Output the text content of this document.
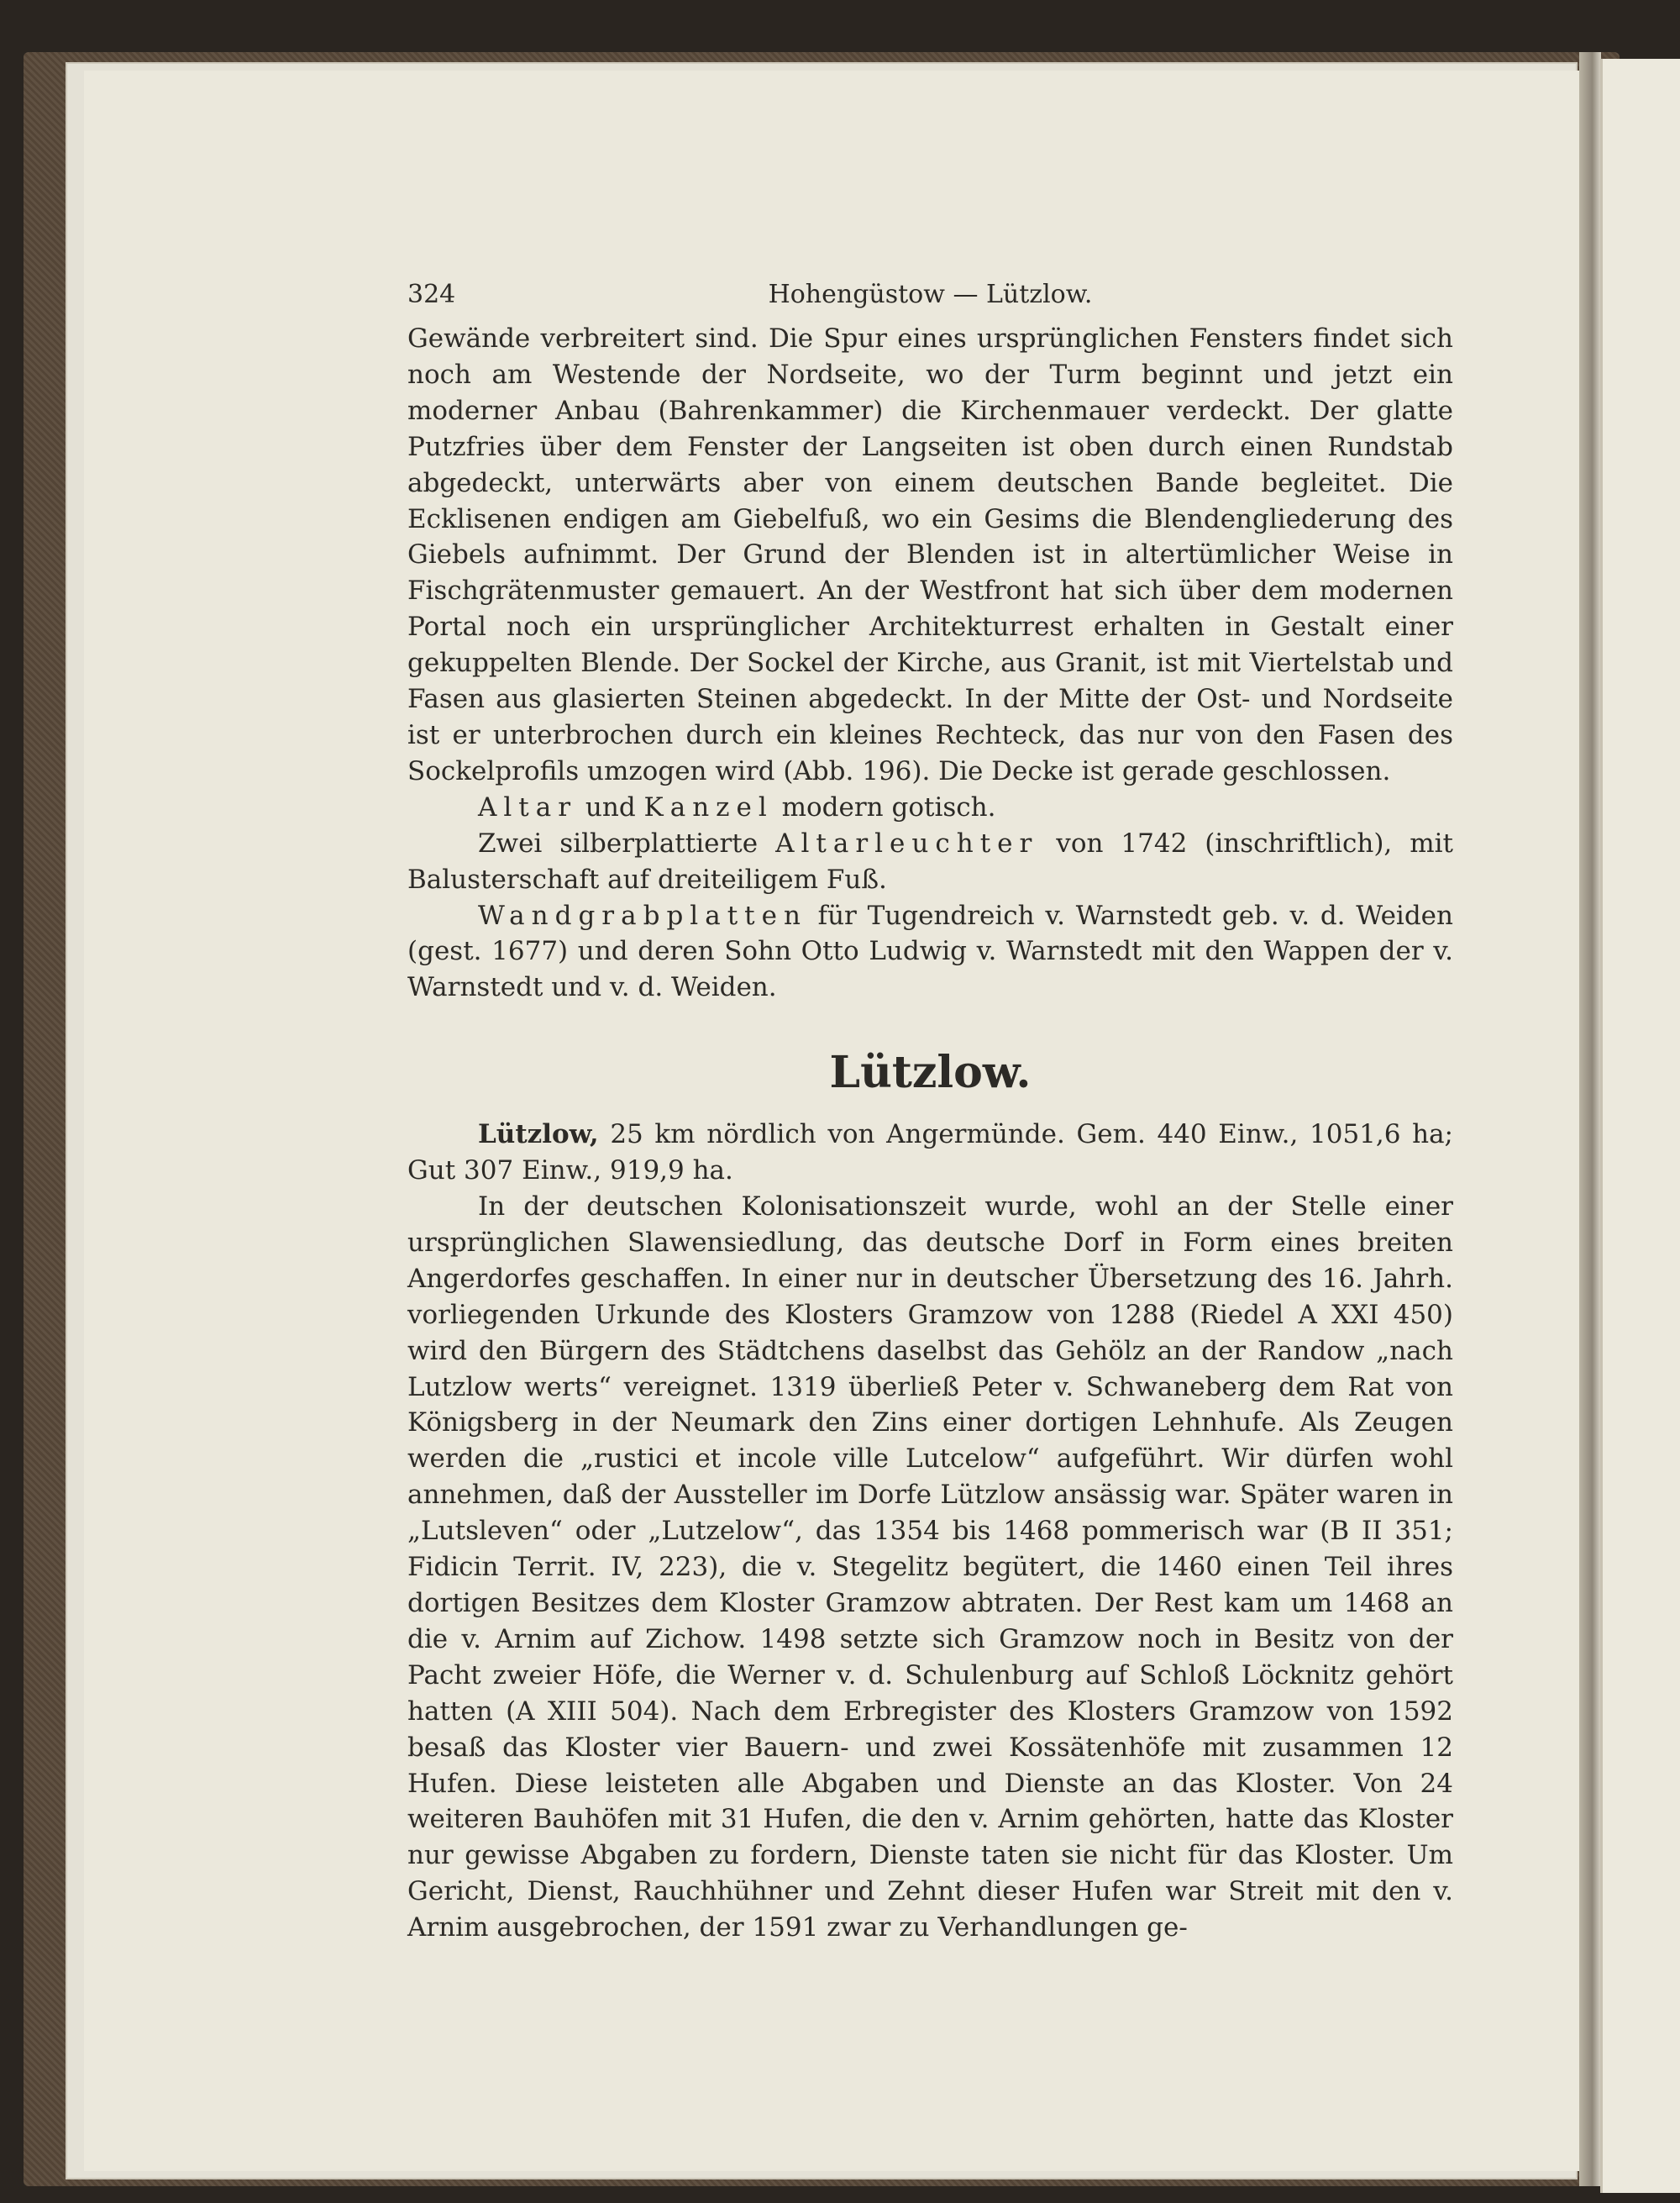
324	Hohengüstow — Lützlow.

Gewände verbreitert sind. Die Spur eines ursprünglichen Fensters findet sich noch am Westende der Nordseite, wo der Turm beginnt und jetzt ein moderner Anbau (Bahrenkammer) die Kirchenmauer verdeckt. Der glatte Putzfries über dem Fenster der Langseiten ist oben durch einen Rundstab abgedeckt, unterwärts aber von einem deutschen Bande begleitet. Die Ecklisenen endigen am Giebelfuß, wo ein Gesims die Blendengliederung des Giebels aufnimmt. Der Grund der Blenden ist in altertümlicher Weise in Fischgrätenmuster gemauert. An der Westfront hat sich über dem modernen Portal noch ein ursprünglicher Architekturrest erhalten in Gestalt einer gekuppelten Blende. Der Sockel der Kirche, aus Granit, ist mit Viertelstab und Fasen aus glasierten Steinen abgedeckt. In der Mitte der Ost- und Nordseite ist er unterbrochen durch ein kleines Rechteck, das nur von den Fasen des Sockelprofils umzogen wird (Abb. 196). Die Decke ist gerade geschlossen.

Altar und Kanzel modern gotisch.

Zwei silberplattierte Altarleuchter von 1742 (inschriftlich), mit Balusterschaft auf dreiteiligem Fuß.

Wandgrabplatten für Tugendreich v. Warnstedt geb. v. d. Weiden (gest. 1677) und deren Sohn Otto Ludwig v. Warnstedt mit den Wappen der v. Warnstedt und v. d. Weiden.

Lützlow.

Lützlow, 25 km nördlich von Angermünde. Gem. 440 Einw., 1051,6 ha; Gut 307 Einw., 919,9 ha.

In der deutschen Kolonisationszeit wurde, wohl an der Stelle einer ursprünglichen Slawensiedlung, das deutsche Dorf in Form eines breiten Angerdorfes geschaffen. In einer nur in deutscher Übersetzung des 16. Jahrh. vorliegenden Urkunde des Klosters Gramzow von 1288 (Riedel A XXI 450) wird den Bürgern des Städtchens daselbst das Gehölz an der Randow „nach Lutzlow werts“ vereignet. 1319 überließ Peter v. Schwaneberg dem Rat von Königsberg in der Neumark den Zins einer dortigen Lehnhufe. Als Zeugen werden die „rustici et incole ville Lutcelow“ aufgeführt. Wir dürfen wohl annehmen, daß der Aussteller im Dorfe Lützlow ansässig war. Später waren in „Lutsleven“ oder „Lutzelow“, das 1354 bis 1468 pommerisch war (B II 351; Fidicin Territ. IV, 223), die v. Stegelitz begütert, die 1460 einen Teil ihres dortigen Besitzes dem Kloster Gramzow abtraten. Der Rest kam um 1468 an die v. Arnim auf Zichow. 1498 setzte sich Gramzow noch in Besitz von der Pacht zweier Höfe, die Werner v. d. Schulenburg auf Schloß Löcknitz gehört hatten (A XIII 504). Nach dem Erbregister des Klosters Gramzow von 1592 besaß das Kloster vier Bauern- und zwei Kossätenhöfe mit zusammen 12 Hufen. Diese leisteten alle Abgaben und Dienste an das Kloster. Von 24 weiteren Bauhöfen mit 31 Hufen, die den v. Arnim gehörten, hatte das Kloster nur gewisse Abgaben zu fordern, Dienste taten sie nicht für das Kloster. Um Gericht, Dienst, Rauchhühner und Zehnt dieser Hufen war Streit mit den v. Arnim ausgebrochen, der 1591 zwar zu Verhandlungen ge-
